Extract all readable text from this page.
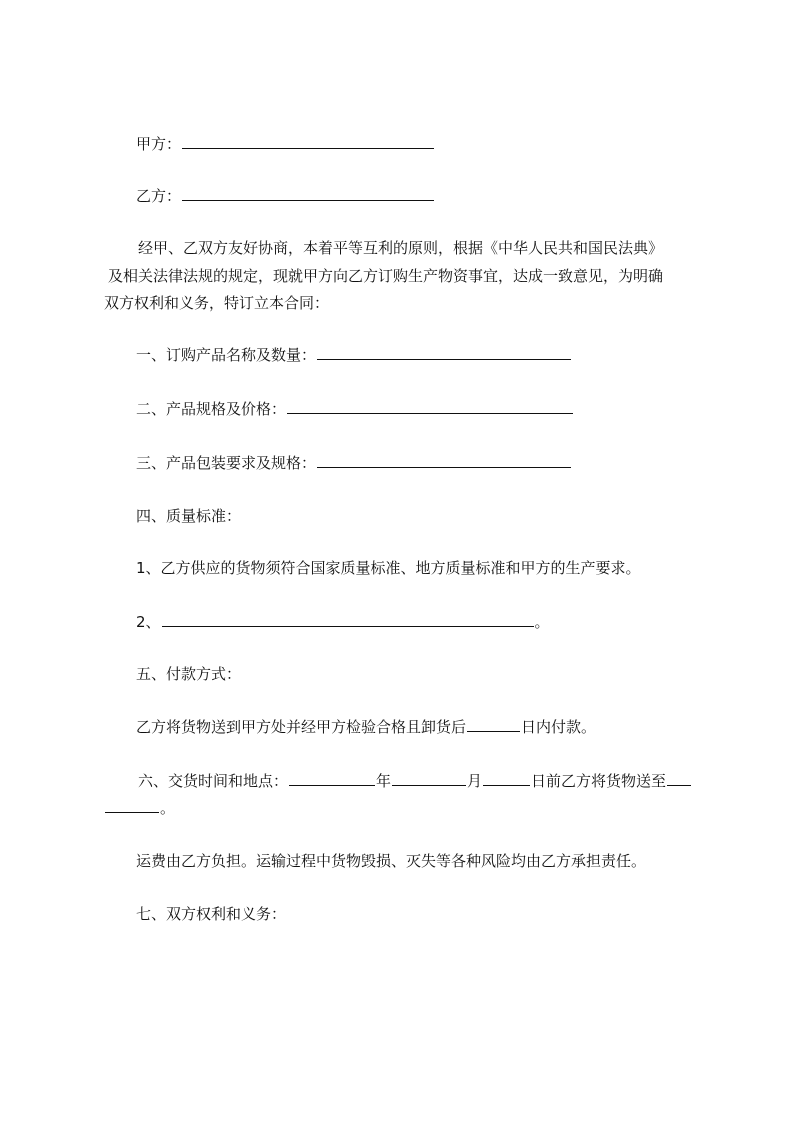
甲方：
乙方：
经甲、乙双方友好协商，本着平等互利的原则，根据《中华人民共和国民法典》
及相关法律法规的规定，现就甲方向乙方订购生产物资事宜，达成一致意见，为明确
双方权利和义务，特订立本合同：
一、订购产品名称及数量：
二、产品规格及价格：
三、产品包装要求及规格：
四、质量标准：
1、乙方供应的货物须符合国家质量标准、地方质量标准和甲方的生产要求。
2、	。
五、付款方式：
乙方将货物送到甲方处并经甲方检验合格且卸货后	日内付款。
六、交货时间和地点：	年	月	日前乙方将货物送至
。
运费由乙方负担。运输过程中货物毁损、灭失等各种风险均由乙方承担责任。
七、双方权利和义务：
